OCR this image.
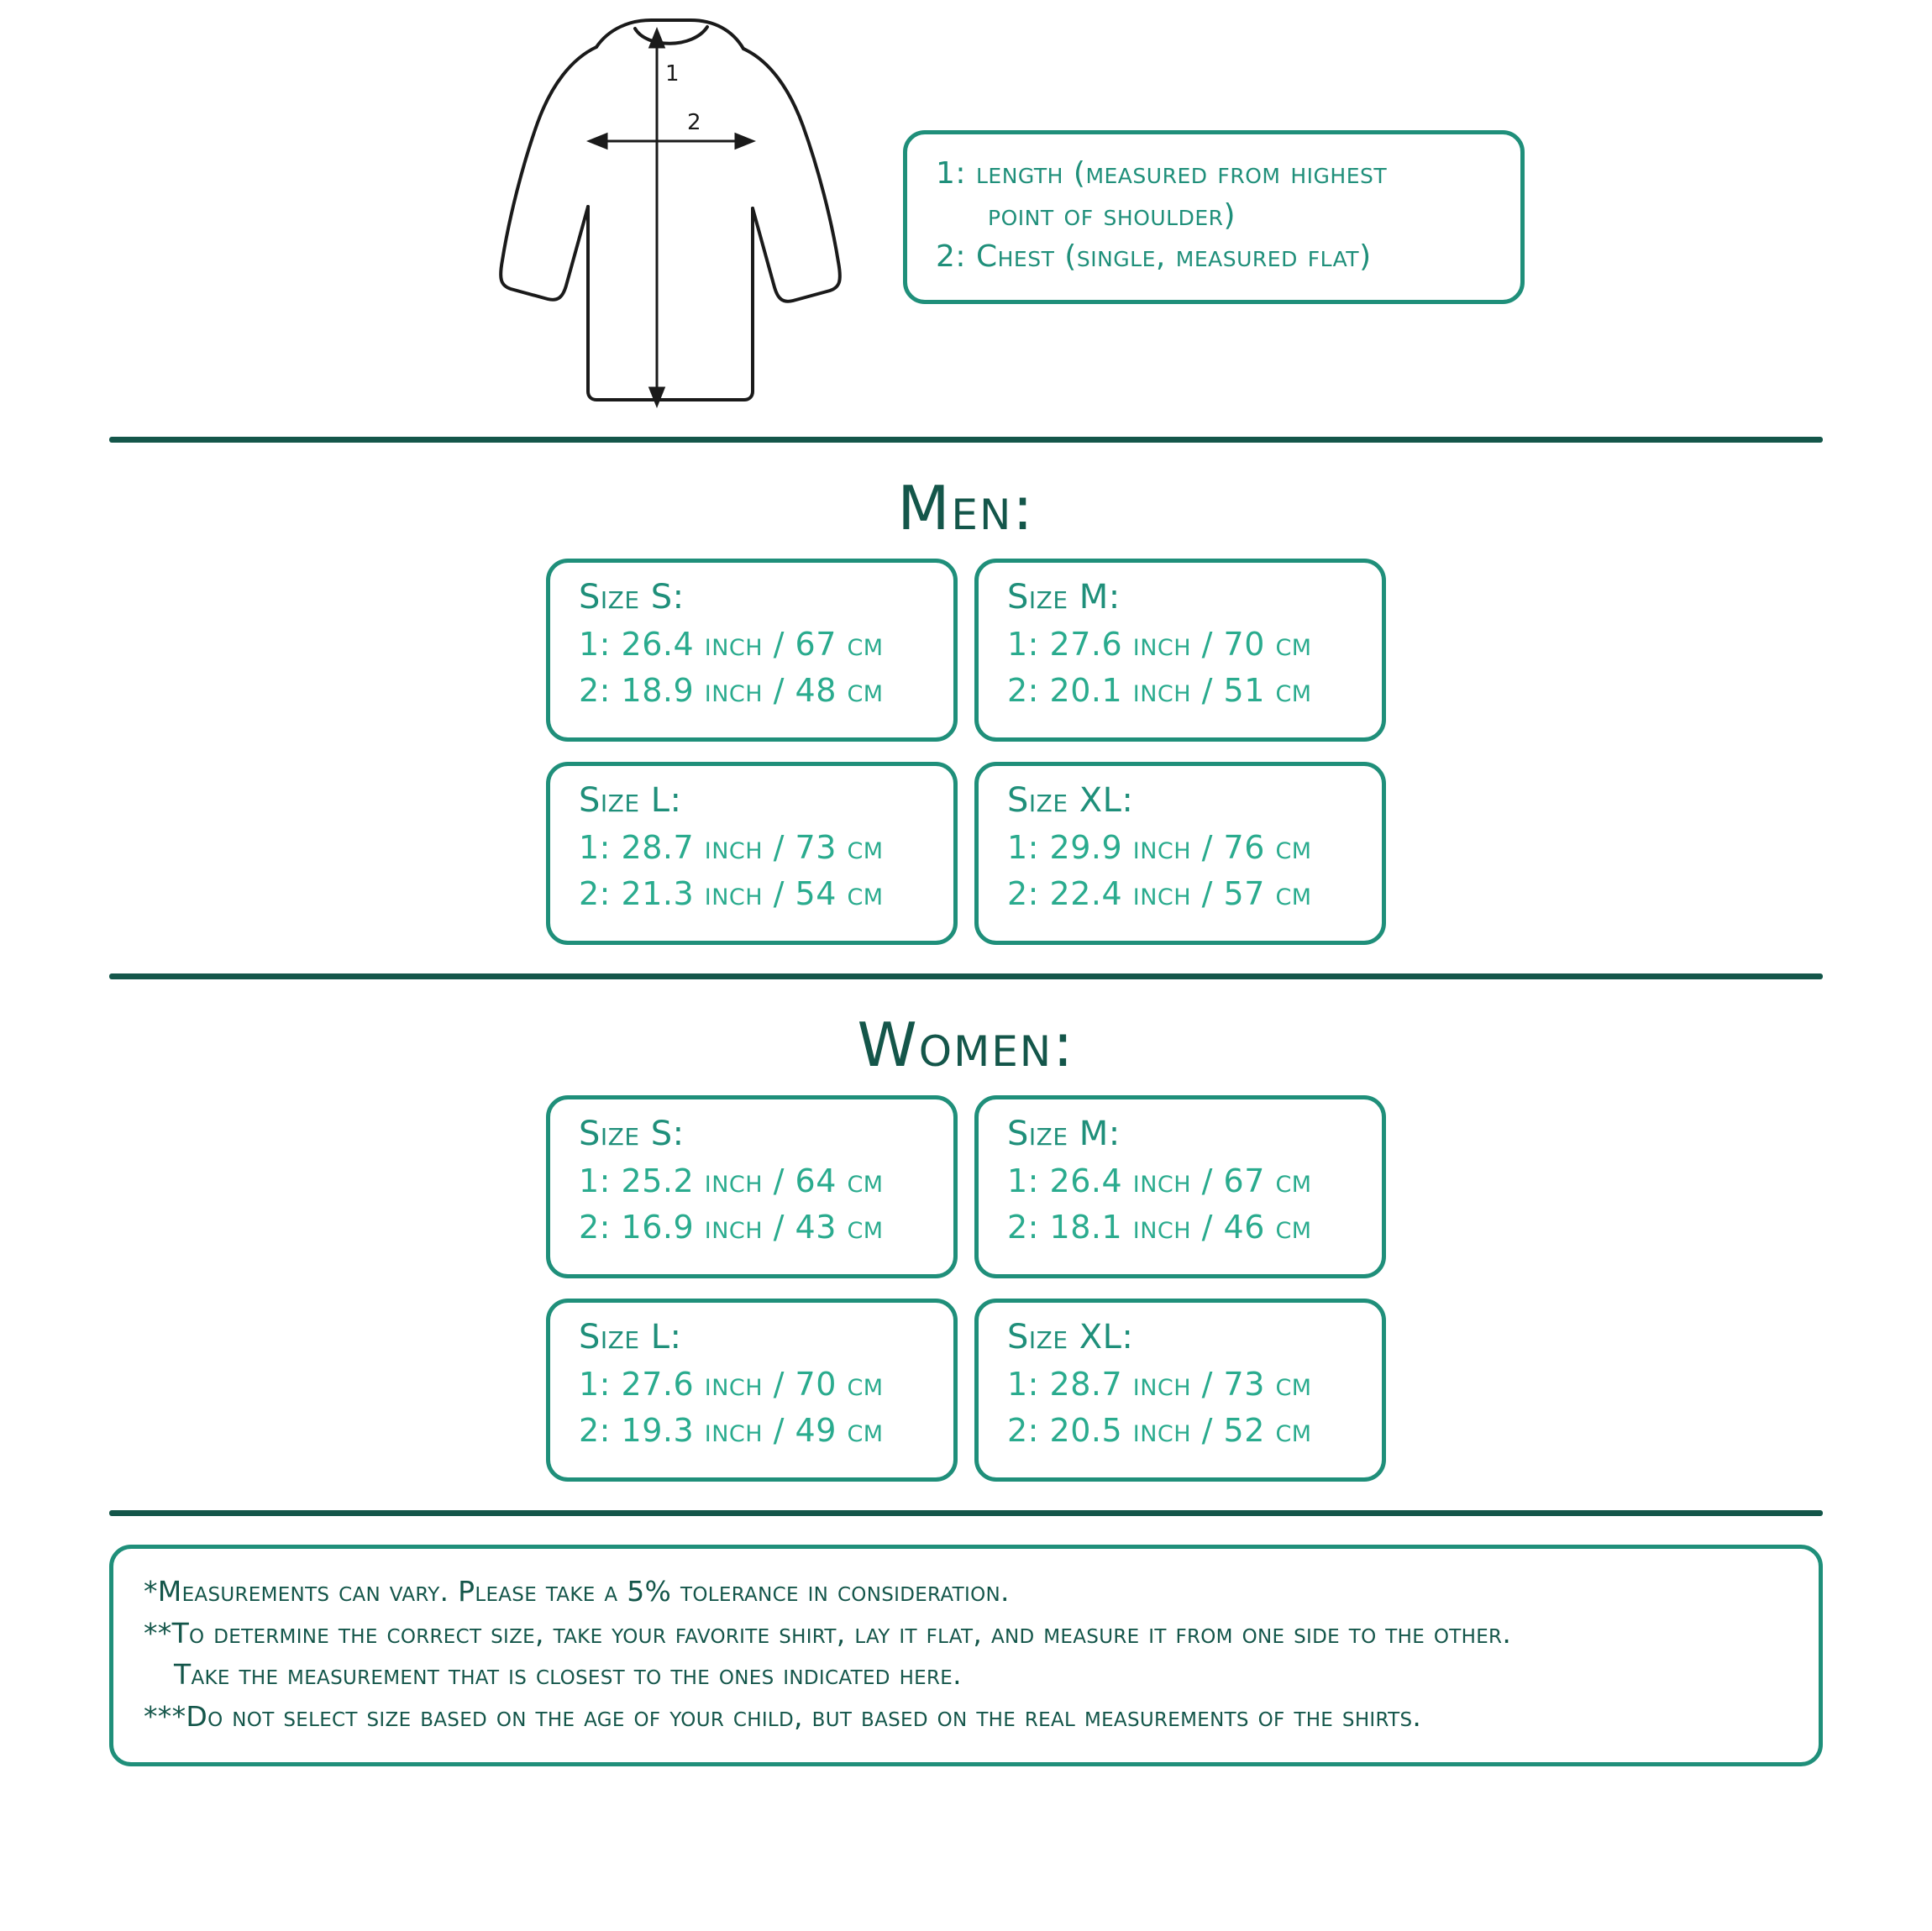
1
2
1: length (measured from highest
point of shoulder)
2: Chest (single, measured flat)
Men:
Size S:
1: 26.4 inch / 67 cm
2: 18.9 inch / 48 cm
Size M:
1: 27.6 inch / 70 cm
2: 20.1 inch / 51 cm
Size L:
1: 28.7 inch / 73 cm
2: 21.3 inch / 54 cm
Size XL:
1: 29.9 inch / 76 cm
2: 22.4 inch / 57 cm
Women:
Size S:
1: 25.2 inch / 64 cm
2: 16.9 inch / 43 cm
Size M:
1: 26.4 inch / 67 cm
2: 18.1 inch / 46 cm
Size L:
1: 27.6 inch / 70 cm
2: 19.3 inch / 49 cm
Size XL:
1: 28.7 inch / 73 cm
2: 20.5 inch / 52 cm
*Measurements can vary. Please take a 5% tolerance in consideration.
**To determine the correct size, take your favorite shirt, lay it flat, and measure it from one side to the other.
Take the measurement that is closest to the ones indicated here.
***Do not select size based on the age of your child, but based on the real measurements of the shirts.
